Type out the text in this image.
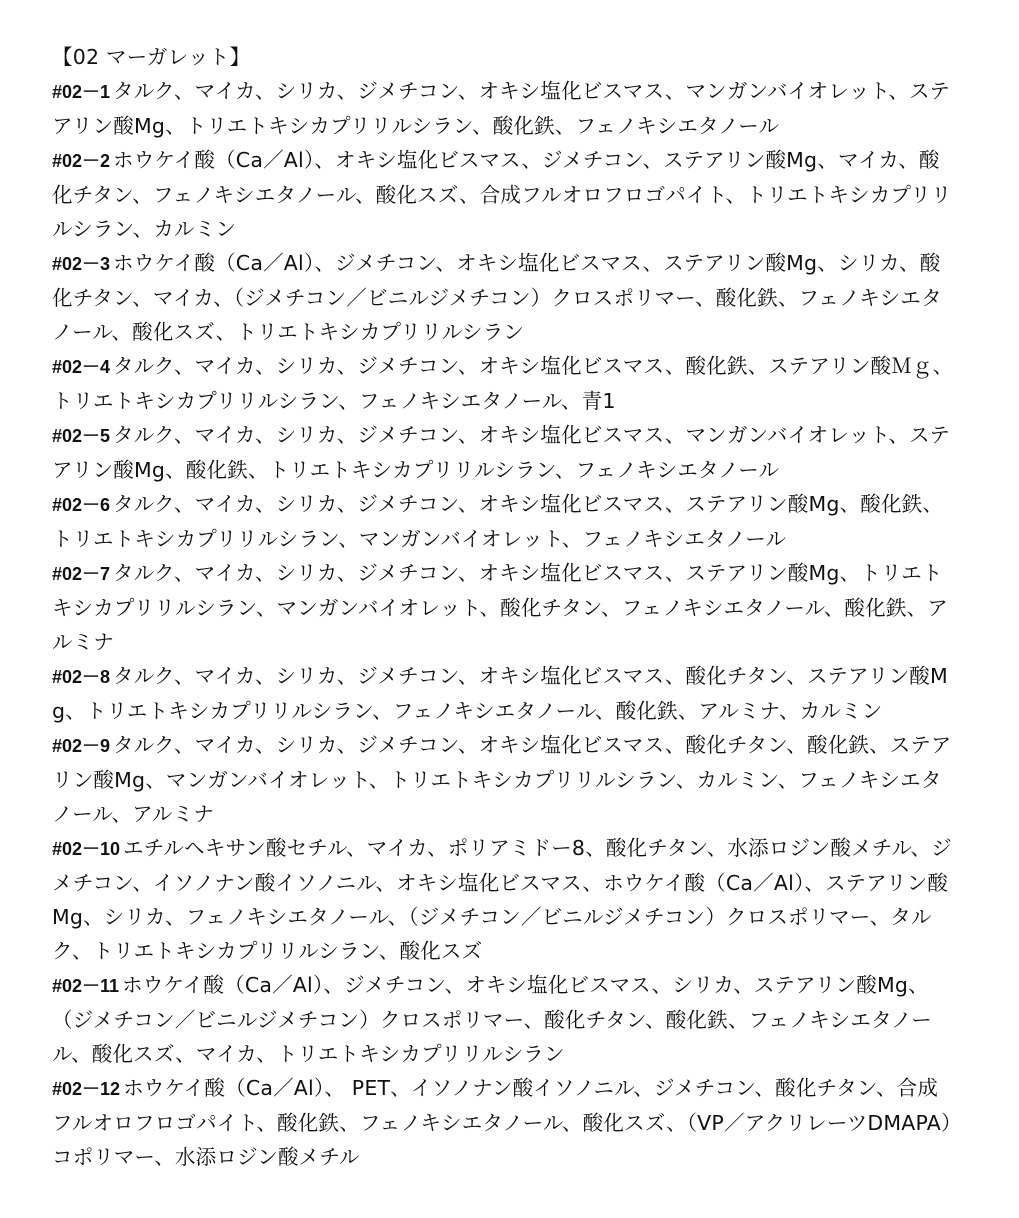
【02 マーガレット】

#02－1 タルク、マイカ、シリカ、ジメチコン、オキシ塩化ビスマス、マンガンバイオレット、ステアリン酸Mg、トリエトキシカプリリルシラン、酸化鉄、フェノキシエタノール

#02－2 ホウケイ酸（Ca／Al）、オキシ塩化ビスマス、ジメチコン、ステアリン酸Mg、マイカ、酸化チタン、フェノキシエタノール、酸化スズ、合成フルオロフロゴパイト、トリエトキシカプリリルシラン、カルミン

#02－3 ホウケイ酸（Ca／Al）、ジメチコン、オキシ塩化ビスマス、ステアリン酸Mg、シリカ、酸化チタン、マイカ、（ジメチコン／ビニルジメチコン）クロスポリマー、酸化鉄、フェノキシエタノール、酸化スズ、トリエトキシカプリリルシラン

#02－4 タルク、マイカ、シリカ、ジメチコン、オキシ塩化ビスマス、酸化鉄、ステアリン酸Ｍｇ、トリエトキシカプリリルシラン、フェノキシエタノール、青1

#02－5 タルク、マイカ、シリカ、ジメチコン、オキシ塩化ビスマス、マンガンバイオレット、ステアリン酸Mg、酸化鉄、トリエトキシカプリリルシラン、フェノキシエタノール

#02－6 タルク、マイカ、シリカ、ジメチコン、オキシ塩化ビスマス、ステアリン酸Mg、酸化鉄、トリエトキシカプリリルシラン、マンガンバイオレット、フェノキシエタノール

#02－7 タルク、マイカ、シリカ、ジメチコン、オキシ塩化ビスマス、ステアリン酸Mg、トリエトキシカプリリルシラン、マンガンバイオレット、酸化チタン、フェノキシエタノール、酸化鉄、アルミナ

#02－8 タルク、マイカ、シリカ、ジメチコン、オキシ塩化ビスマス、酸化チタン、ステアリン酸Mg、トリエトキシカプリリルシラン、フェノキシエタノール、酸化鉄、アルミナ、カルミン

#02－9 タルク、マイカ、シリカ、ジメチコン、オキシ塩化ビスマス、酸化チタン、酸化鉄、ステアリン酸Mg、マンガンバイオレット、トリエトキシカプリリルシラン、カルミン、フェノキシエタノール、アルミナ

#02－10 エチルヘキサン酸セチル、マイカ、ポリアミドー8、酸化チタン、水添ロジン酸メチル、ジメチコン、イソノナン酸イソノニル、オキシ塩化ビスマス、ホウケイ酸（Ca／Al）、ステアリン酸Mg、シリカ、フェノキシエタノール、（ジメチコン／ビニルジメチコン）クロスポリマー、タルク、トリエトキシカプリリルシラン、酸化スズ

#02－11 ホウケイ酸（Ca／Al）、ジメチコン、オキシ塩化ビスマス、シリカ、ステアリン酸Mg、（ジメチコン／ビニルジメチコン）クロスポリマー、酸化チタン、酸化鉄、フェノキシエタノール、酸化スズ、マイカ、トリエトキシカプリリルシラン

#02－12 ホウケイ酸（Ca／Al）、 PET、イソノナン酸イソノニル、ジメチコン、酸化チタン、合成フルオロフロゴパイト、酸化鉄、フェノキシエタノール、酸化スズ、（VP／アクリレーツDMAPA）コポリマー、水添ロジン酸メチル
